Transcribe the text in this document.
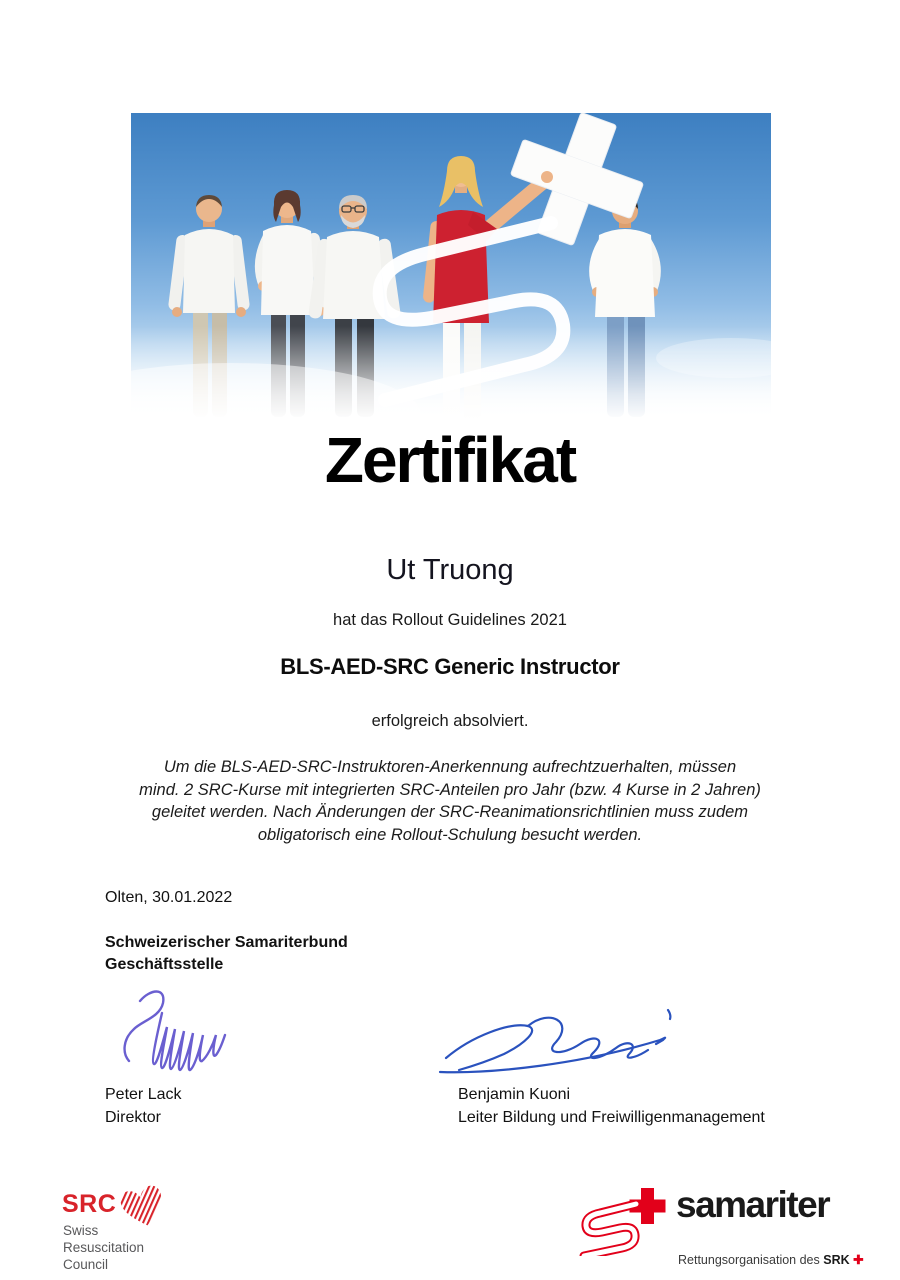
Zertifikat
Ut Truong
hat das Rollout Guidelines 2021
BLS-AED-SRC Generic Instructor
erfolgreich absolviert.
Um die BLS-AED-SRC-Instruktoren-Anerkennung aufrechtzuerhalten, müssen
mind. 2 SRC-Kurse mit integrierten SRC-Anteilen pro Jahr (bzw. 4 Kurse in 2 Jahren)
geleitet werden. Nach Änderungen der SRC-Reanimationsrichtlinien muss zudem
obligatorisch eine Rollout-Schulung besucht werden.
Olten, 30.01.2022
Schweizerischer Samariterbund
Geschäftsstelle
Peter Lack
Direktor
Benjamin Kuoni
Leiter Bildung und Freiwilligenmanagement
SRC
Swiss
Resuscitation
Council
samariter
Rettungsorganisation des SRK ✚
